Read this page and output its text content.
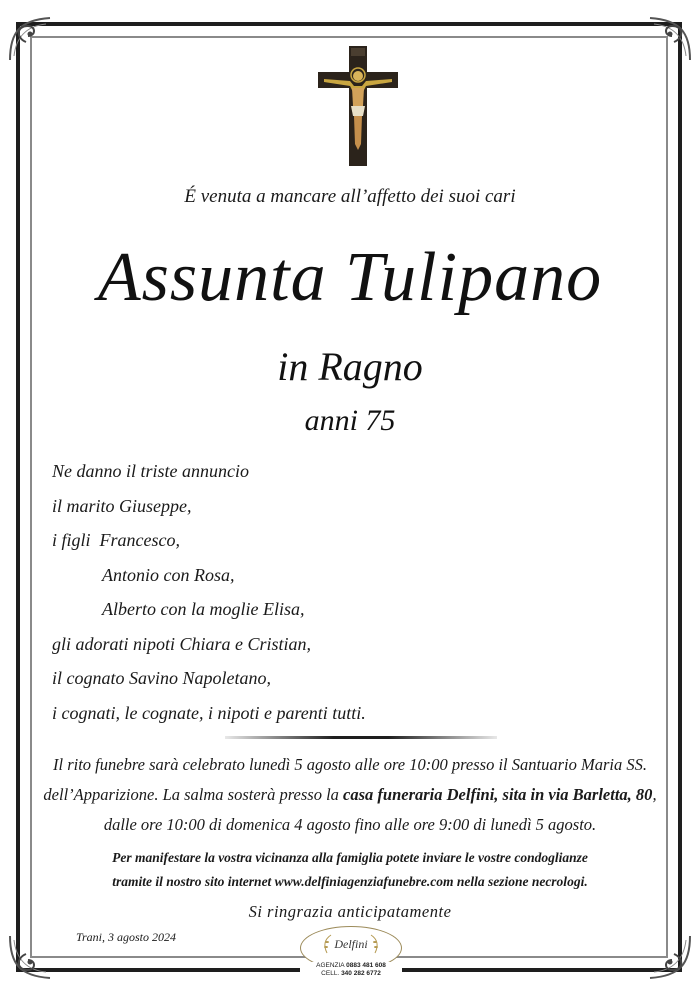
É venuta a mancare all’affetto dei suoi cari
Assunta Tulipano
in Ragno
anni 75
Ne danno il triste annuncio
il marito Giuseppe,
i figli  Francesco,
Antonio con Rosa,
Alberto con la moglie Elisa,
gli adorati nipoti Chiara e Cristian,
il cognato Savino Napoletano,
i cognati, le cognate, i nipoti e parenti tutti.

Il rito funebre sarà celebrato lunedì 5 agosto alle ore 10:00 presso il Santuario Maria SS.

dell’Apparizione. La salma sosterà presso la casa funeraria Delfini, sita in via Barletta, 80,

dalle ore 10:00 di domenica 4 agosto fino alle ore 9:00 di lunedì 5 agosto.

Per manifestare la vostra vicinanza alla famiglia potete inviare le vostre condoglianze

tramite il nostro sito internet www.delfiniagenziafunebre.com nella sezione necrologi.

Si ringrazia anticipatamente
Trani, 3 agosto 2024	Delfini
AGENZIA 0883 481 608
CELL. 340 282 6772
